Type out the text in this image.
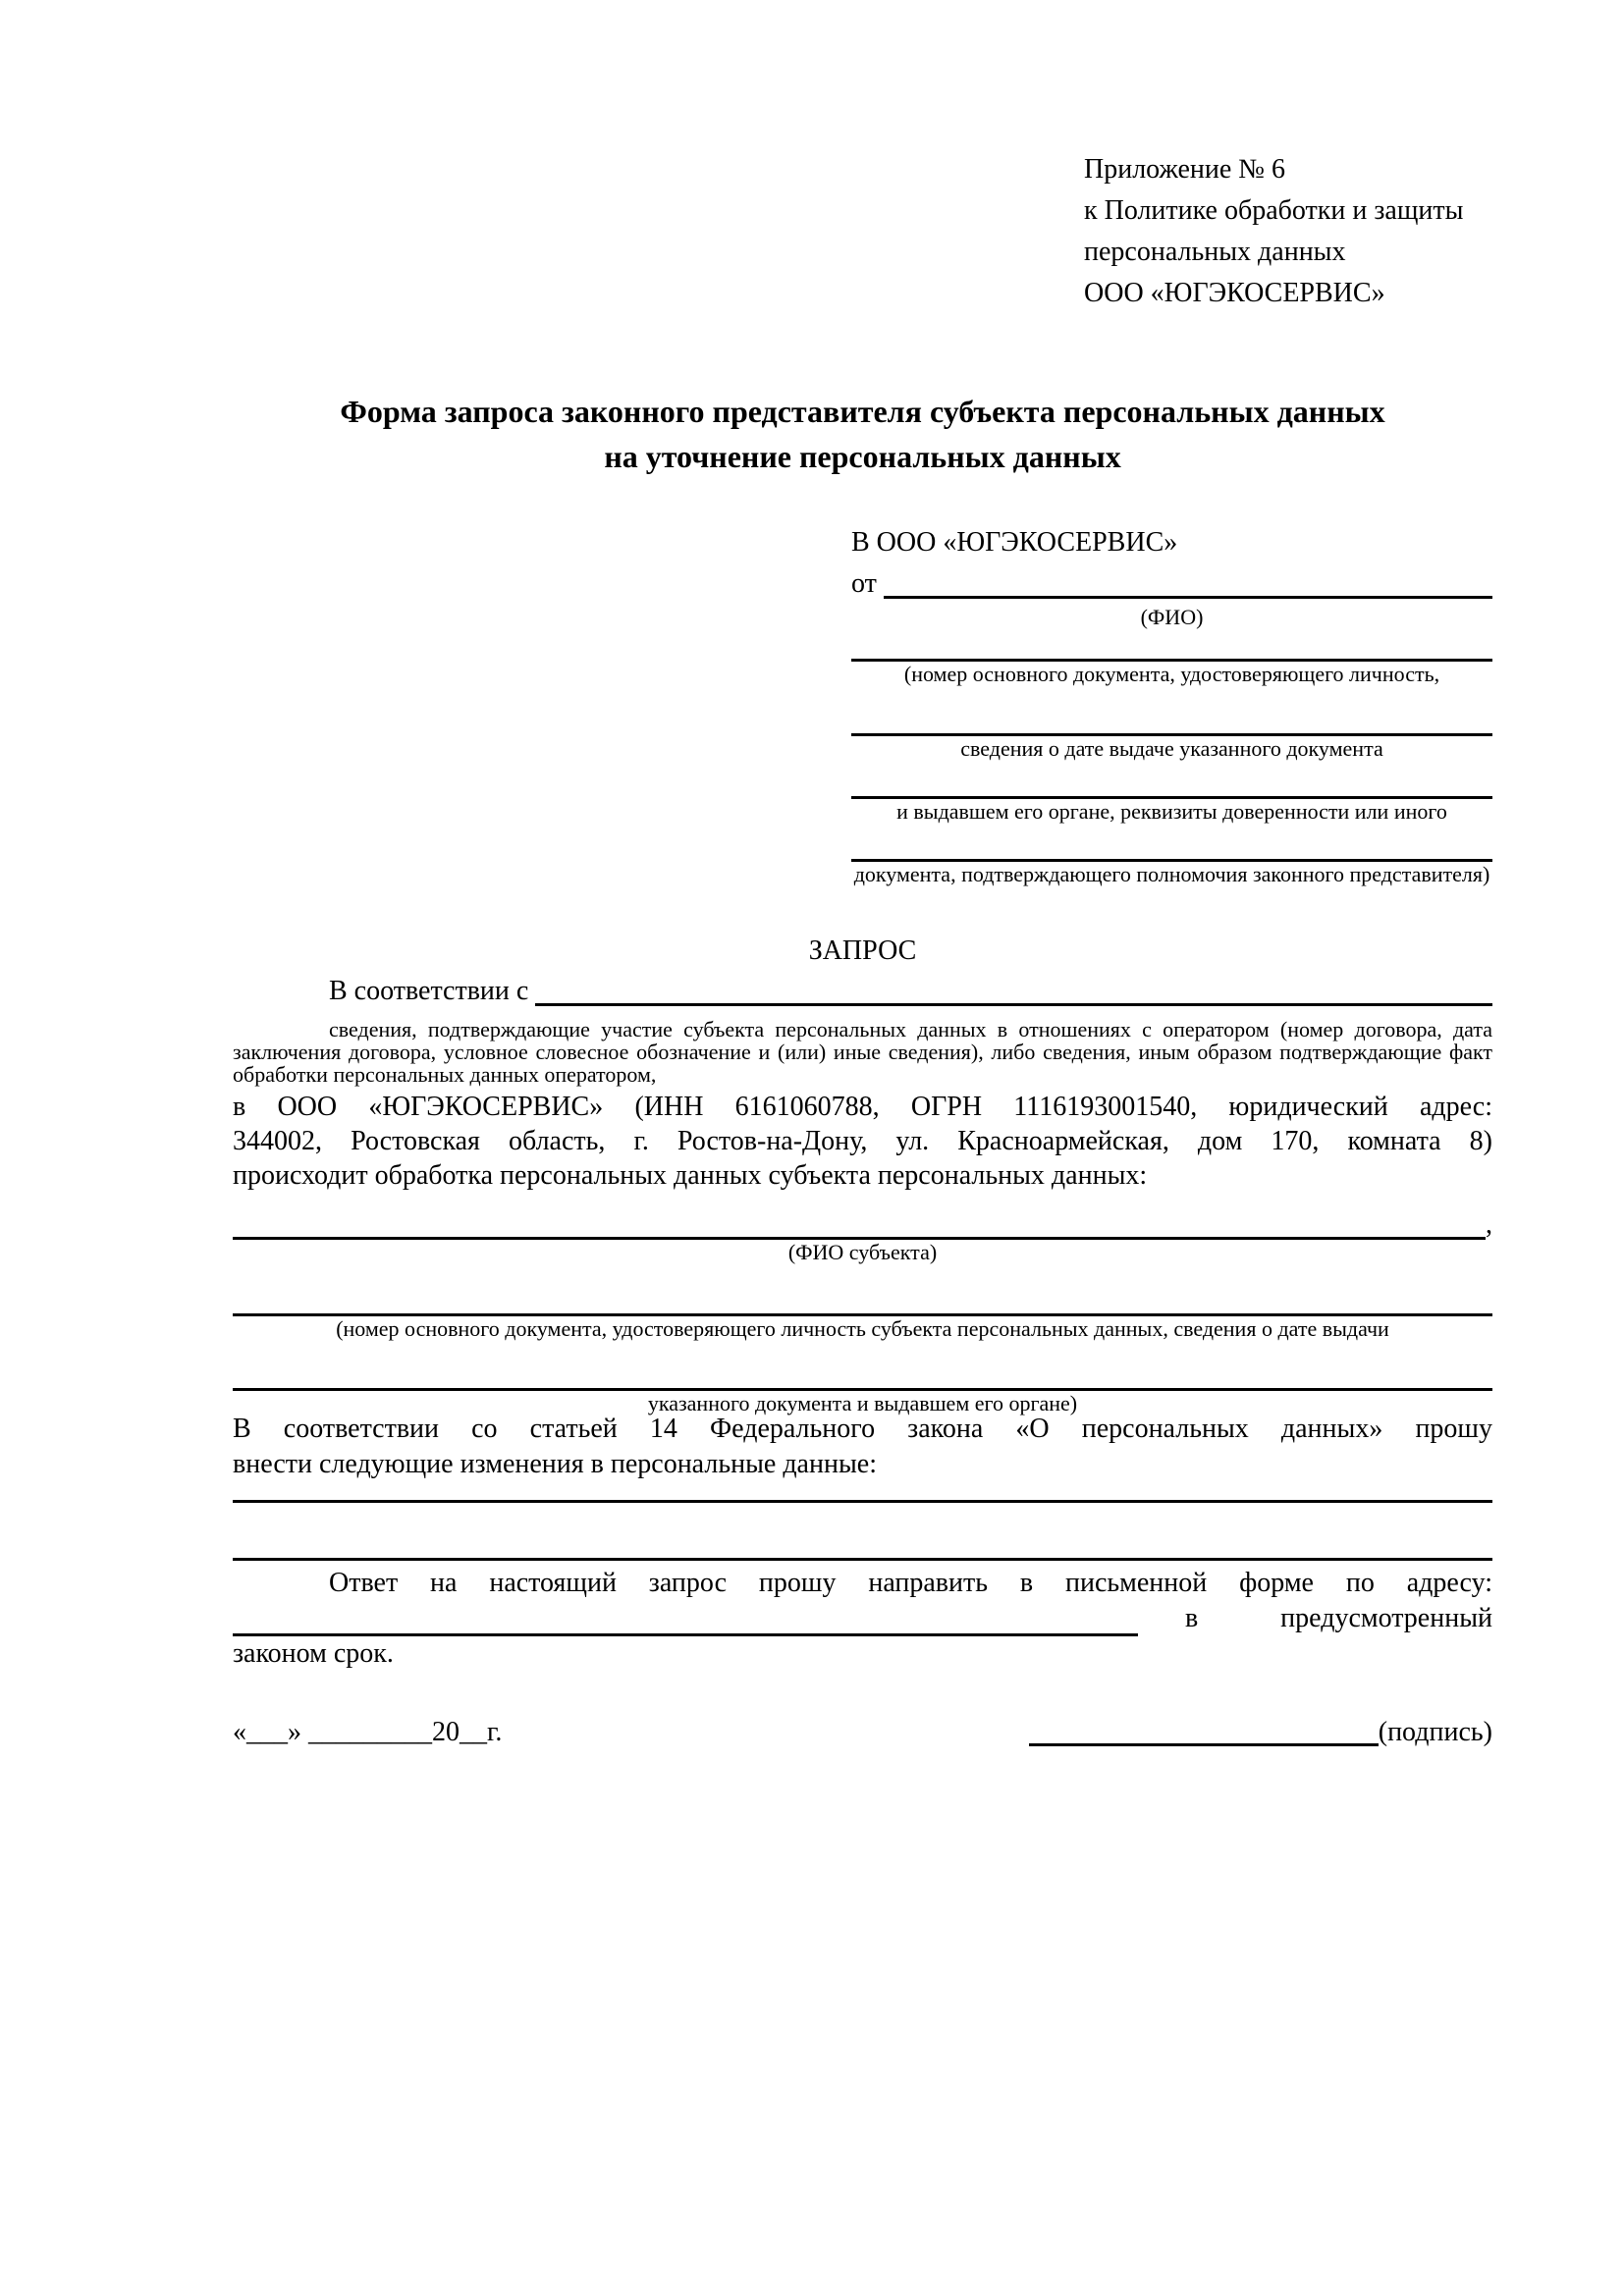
Приложение № 6
к Политике обработки и защиты
персональных данных
ООО «ЮГЭКОСЕРВИС»
Форма запроса законного представителя субъекта персональных данных
на уточнение персональных данных
В ООО «ЮГЭКОСЕРВИС»
от
(ФИО)
(номер основного документа, удостоверяющего личность,
сведения о дате выдаче указанного документа
и выдавшем его органе, реквизиты доверенности или иного
документа, подтверждающего полномочия законного представителя)
ЗАПРОС
В соответствии с
сведения, подтверждающие участие субъекта персональных данных в отношениях с оператором (номер договора, дата
заключения договора, условное словесное обозначение и (или) иные сведения), либо сведения, иным образом подтверждающие факт
обработки персональных данных оператором,
в ООО «ЮГЭКОСЕРВИС» (ИНН 6161060788, ОГРН 1116193001540, юридический адрес:
344002, Ростовская область, г. Ростов-на-Дону, ул. Красноармейская, дом 170, комната 8)
происходит обработка персональных данных субъекта персональных данных:
,
(ФИО субъекта)
(номер основного документа, удостоверяющего личность субъекта персональных данных, сведения о дате выдачи
указанного документа и выдавшем его органе)
В соответствии со статьей 14 Федерального закона «О персональных данных» прошу
внести следующие изменения в персональные данные:
Ответ на настоящий запрос прошу направить в письменной форме по адресу:
в	предусмотренный
законом срок.
«___» _________20__г.	(подпись)
